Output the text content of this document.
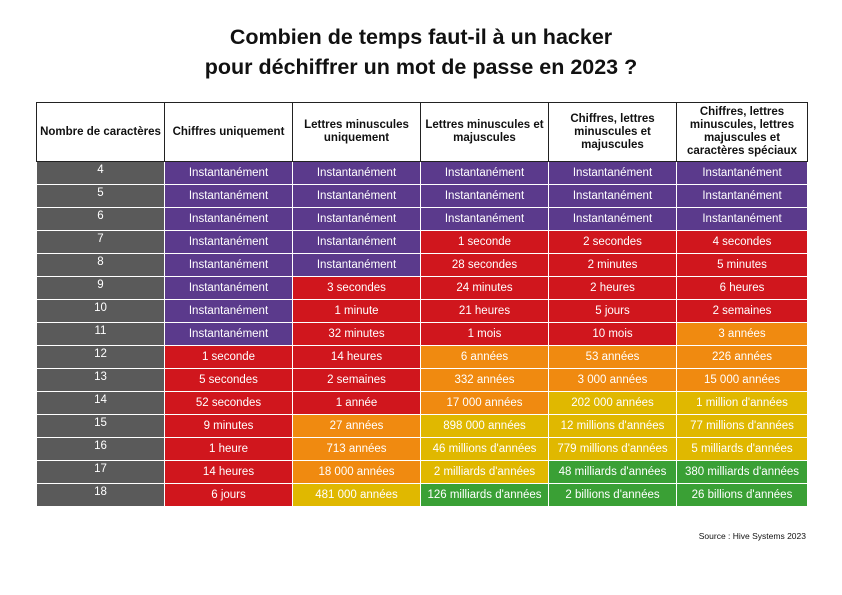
Combien de temps faut-il à un hacker
pour déchiffrer un mot de passe en 2023 ?
Nombre de caractères	Chiffres uniquement	Lettres minuscules uniquement	Lettres minuscules et majuscules	Chiffres, lettres minuscules et majuscules	Chiffres, lettres minuscules, lettres majuscules et caractères spéciaux
4	Instantanément	Instantanément	Instantanément	Instantanément	Instantanément
5	Instantanément	Instantanément	Instantanément	Instantanément	Instantanément
6	Instantanément	Instantanément	Instantanément	Instantanément	Instantanément
7	Instantanément	Instantanément	1 seconde	2 secondes	4 secondes
8	Instantanément	Instantanément	28 secondes	2 minutes	5 minutes
9	Instantanément	3 secondes	24 minutes	2 heures	6 heures
10	Instantanément	1 minute	21 heures	5 jours	2 semaines
11	Instantanément	32 minutes	1 mois	10 mois	3 années
12	1 seconde	14 heures	6 années	53 années	226 années
13	5 secondes	2 semaines	332 années	3 000 années	15 000 années
14	52 secondes	1 année	17 000 années	202 000 années	1 million d'années
15	9 minutes	27 années	898 000 années	12 millions d'années	77 millions d'années
16	1 heure	713 années	46 millions d'années	779 millions d'années	5 milliards d'années
17	14 heures	18 000 années	2 milliards d'années	48 milliards d'années	380 milliards d'années
18	6 jours	481 000 années	126 milliards d'années	2 billions d'années	26 billions d'années
Source : Hive Systems 2023
